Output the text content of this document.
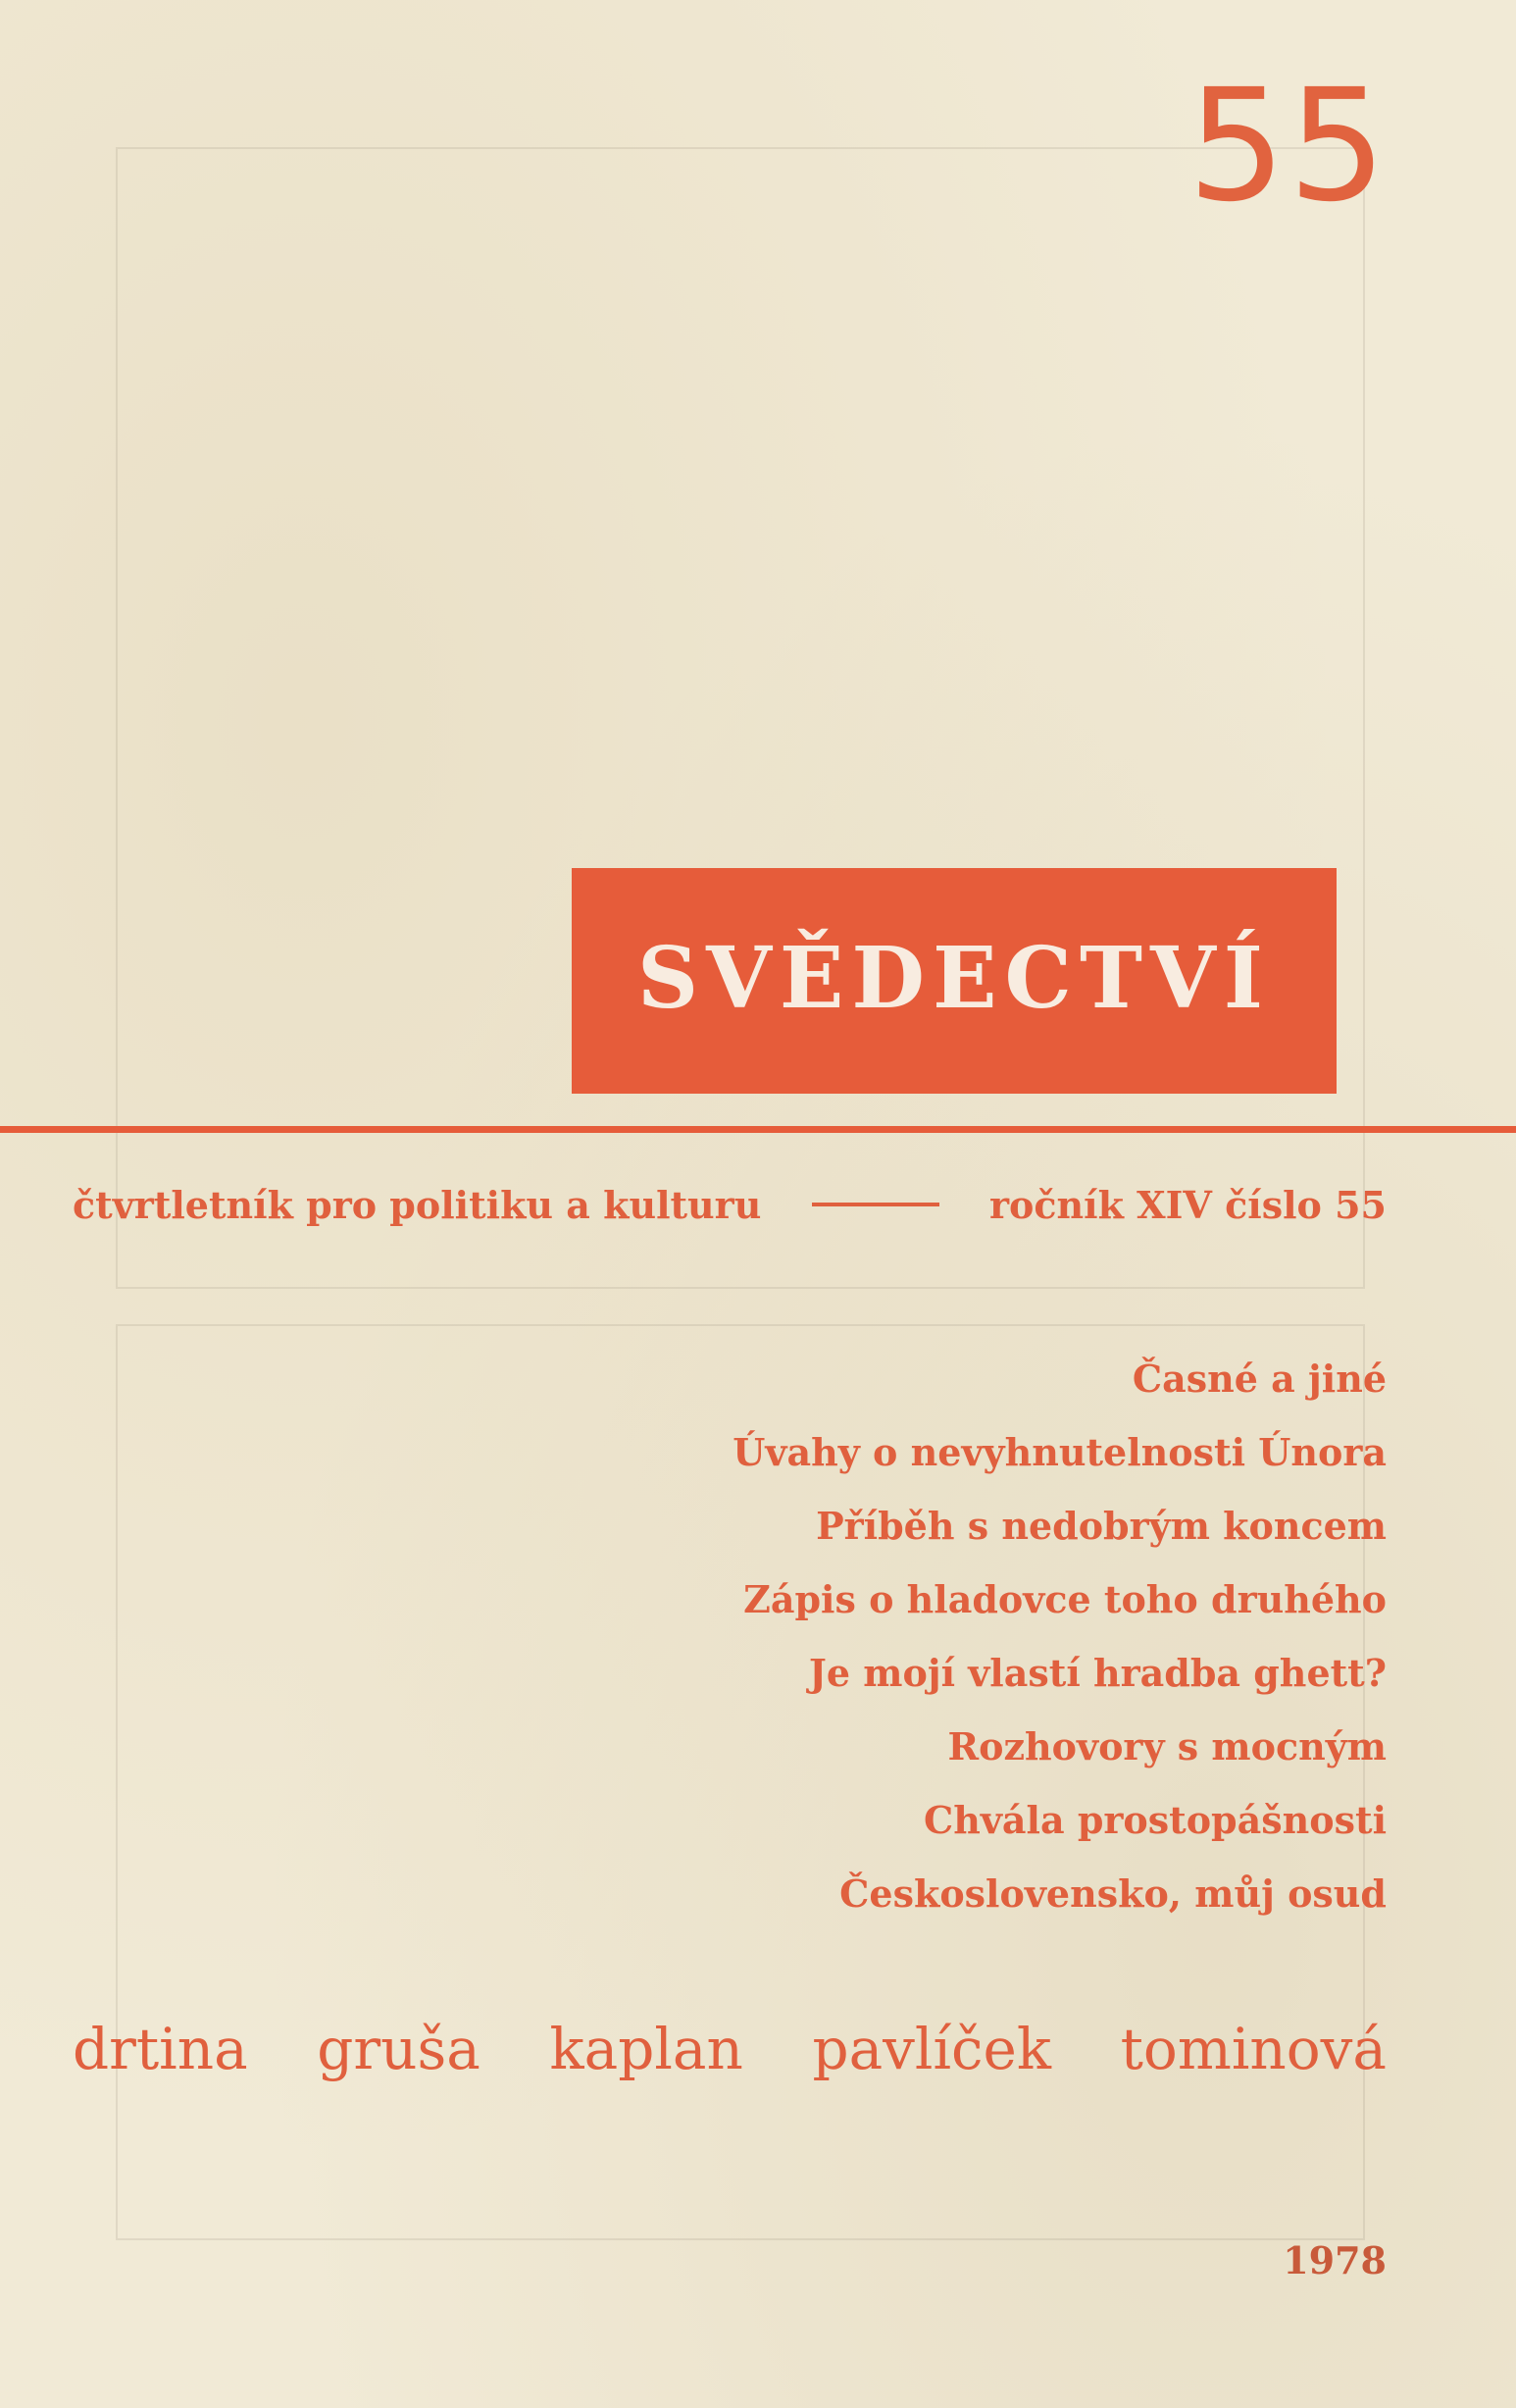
55
SVĚDECTVÍ
čtvrtletník pro politiku a kulturu	ročník XIV číslo 55
Časné a jiné
Úvahy o nevyhnutelnosti Února
Příběh s nedobrým koncem
Zápis o hladovce toho druhého
Je mojí vlastí hradba ghett?
Rozhovory s mocným
Chvála prostopášnosti
Československo, můj osud
drtina gruša kaplan pavlíček tominová
1978
